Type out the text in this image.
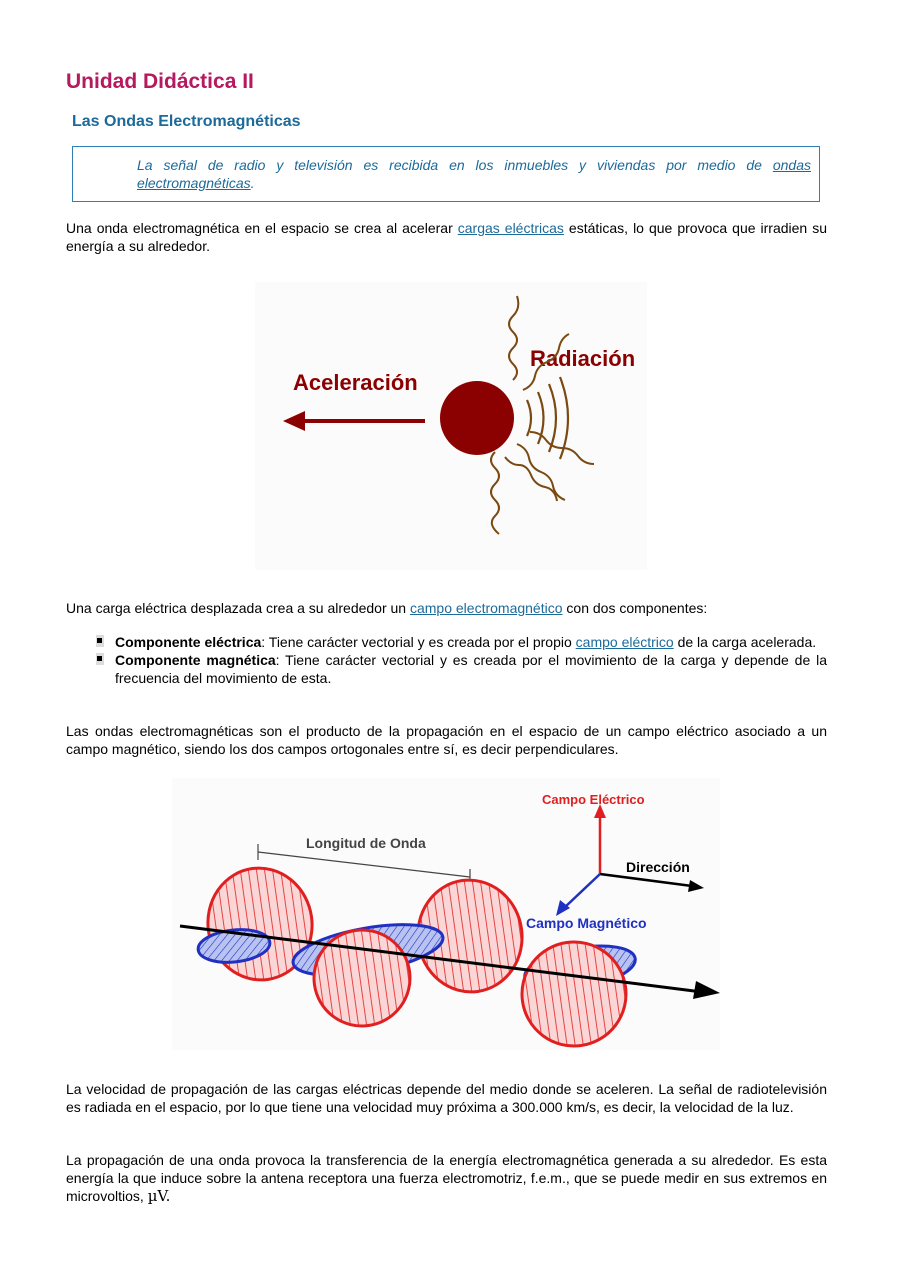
Unidad Didáctica II
Las Ondas Electromagnéticas

La señal de radio y televisión es recibida en los inmuebles y viviendas por medio de ondas electromagnéticas.

Una onda electromagnética en el espacio se crea al acelerar cargas eléctricas estáticas, lo que provoca que irradien su energía a su alrededor.

Aceleración
Radiación

Una carga eléctrica desplazada crea a su alrededor un campo electromagnético con dos componentes:

Componente eléctrica: Tiene carácter vectorial y es creada por el propio campo eléctrico de la carga acelerada.
Componente magnética: Tiene carácter vectorial y es creada por el movimiento de la carga y depende de la frecuencia del movimiento de esta.

Las ondas electromagnéticas son el producto de la propagación en el espacio de un campo eléctrico asociado a un campo magnético, siendo los dos campos ortogonales entre sí, es decir perpendiculares.

Longitud de Onda
Campo Eléctrico
Dirección
Campo Magnético

La velocidad de propagación de las cargas eléctricas depende del medio donde se aceleren. La señal de radiotelevisión es radiada en el espacio, por lo que tiene una velocidad muy próxima a 300.000 km/s, es decir, la velocidad de la luz.

La propagación de una onda provoca la transferencia de la energía electromagnética generada a su alrededor. Es esta energía la que induce sobre la antena receptora una fuerza electromotriz, f.e.m., que se puede medir en sus extremos en microvoltios, µV.
